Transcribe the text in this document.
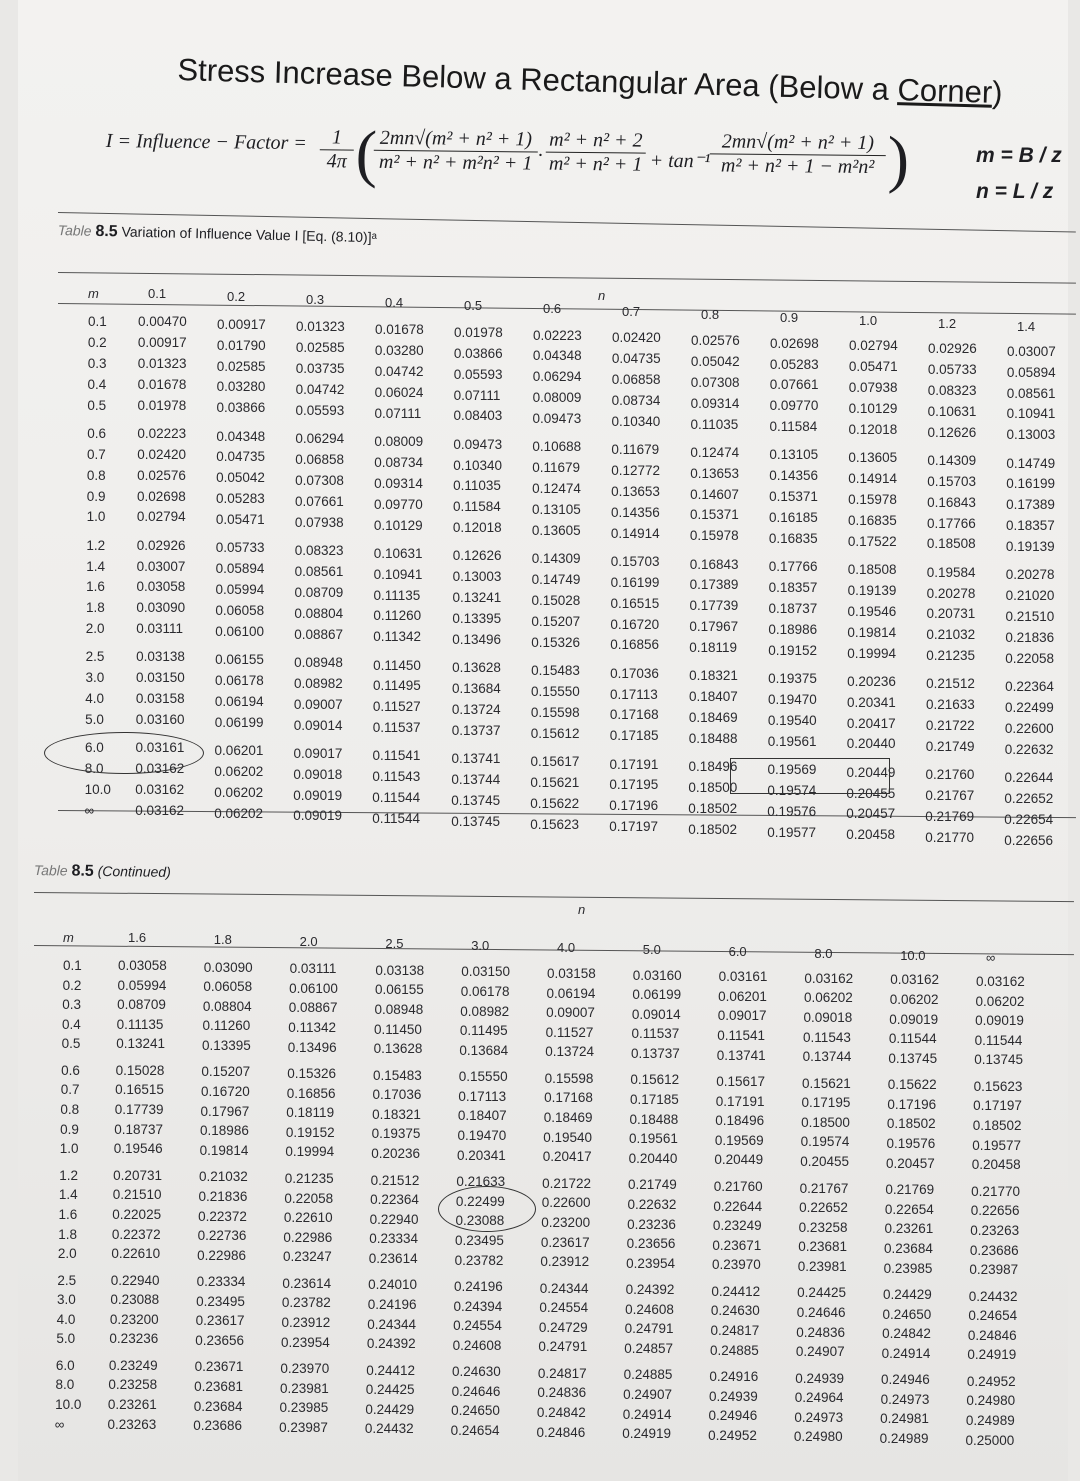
Stress Increase Below a Rectangular Area (Below a Corner)
I = Influence − Factor = $\frac{1}{4\pi}$ (
$\frac{\text{2mn√(m² + n² + 1)}}{\text{m² + n² + m²n² + 1}} \cdot \frac{\text{m² + n² + 2}}{\text{m² + n² + 1}} + \tan^{-1} \frac{\text{2mn√(m² + n² + 1)}}{\text{m² + n² + 1 − m²n²}}$ )	m = B / z
n = L / z
Table 8.5 Variation of Influence Value I [Eq. (8.10)]ᵃ
n
m	0.1	0.2	0.3	0.4	0.5	0.6	0.7	0.8	0.9	1.0	1.2	1.4
0.1 0.00470 0.00917 0.01323 0.01678 0.01978 0.02223 0.02420 0.02576 0.02698 0.02794 0.02926 0.03007
0.2 0.00917 0.01790 0.02585 0.03280 0.03866 0.04348 0.04735 0.05042 0.05283 0.05471 0.05733 0.05894
0.3 0.01323 0.02585 0.03735 0.04742 0.05593 0.06294 0.06858 0.07308 0.07661 0.07938 0.08323 0.08561
0.4 0.01678 0.03280 0.04742 0.06024 0.07111 0.08009 0.08734 0.09314 0.09770 0.10129 0.10631 0.10941
0.5 0.01978 0.03866 0.05593 0.07111 0.08403 0.09473 0.10340 0.11035 0.11584 0.12018 0.12626 0.13003
0.6 0.02223 0.04348 0.06294 0.08009 0.09473 0.10688 0.11679 0.12474 0.13105 0.13605 0.14309 0.14749
0.7 0.02420 0.04735 0.06858 0.08734 0.10340 0.11679 0.12772 0.13653 0.14356 0.14914 0.15703 0.16199
0.8 0.02576 0.05042 0.07308 0.09314 0.11035 0.12474 0.13653 0.14607 0.15371 0.15978 0.16843 0.17389
0.9 0.02698 0.05283 0.07661 0.09770 0.11584 0.13105 0.14356 0.15371 0.16185 0.16835 0.17766 0.18357
1.0 0.02794 0.05471 0.07938 0.10129 0.12018 0.13605 0.14914 0.15978 0.16835 0.17522 0.18508 0.19139
1.2 0.02926 0.05733 0.08323 0.10631 0.12626 0.14309 0.15703 0.16843 0.17766 0.18508 0.19584 0.20278
1.4 0.03007 0.05894 0.08561 0.10941 0.13003 0.14749 0.16199 0.17389 0.18357 0.19139 0.20278 0.21020
1.6 0.03058 0.05994 0.08709 0.11135 0.13241 0.15028 0.16515 0.17739 0.18737 0.19546 0.20731 0.21510
1.8 0.03090 0.06058 0.08804 0.11260 0.13395 0.15207 0.16720 0.17967 0.18986 0.19814 0.21032 0.21836
2.0 0.03111 0.06100 0.08867 0.11342 0.13496 0.15326 0.16856 0.18119 0.19152 0.19994 0.21235 0.22058
2.5 0.03138 0.06155 0.08948 0.11450 0.13628 0.15483 0.17036 0.18321 0.19375 0.20236 0.21512 0.22364
3.0 0.03150 0.06178 0.08982 0.11495 0.13684 0.15550 0.17113 0.18407 0.19470 0.20341 0.21633 0.22499
4.0 0.03158 0.06194 0.09007 0.11527 0.13724 0.15598 0.17168 0.18469 0.19540 0.20417 0.21722 0.22600
5.0 0.03160 0.06199 0.09014 0.11537 0.13737 0.15612 0.17185 0.18488 0.19561 0.20440 0.21749 0.22632
6.0 0.03161 0.06201 0.09017 0.11541 0.13741 0.15617 0.17191 0.18496 0.19569 0.20449 0.21760 0.22644
8.0 0.03162 0.06202 0.09018 0.11543 0.13744 0.15621 0.17195 0.18500 0.19574 0.20455 0.21767 0.22652
10.0 0.03162 0.06202 0.09019 0.11544 0.13745 0.15622 0.17196 0.18502 0.19576 0.20457 0.21769 0.22654
∞	0.03162 0.06202 0.09019 0.11544 0.13745 0.15623 0.17197 0.18502 0.19577 0.20458 0.21770 0.22656
Table 8.5 (Continued)
n
m	1.6	1.8	2.0	2.5	3.0	4.0	5.0	6.0	8.0	10.0	∞
0.1	0.03058	0.03090	0.03111	0.03138	0.03150	0.03158	0.03160	0.03161	0.03162	0.03162	0.03162
0.2	0.05994	0.06058	0.06100	0.06155	0.06178	0.06194	0.06199	0.06201	0.06202	0.06202	0.06202
0.3	0.08709	0.08804	0.08867	0.08948	0.08982	0.09007	0.09014	0.09017	0.09018	0.09019	0.09019
0.4	0.11135	0.11260	0.11342	0.11450	0.11495	0.11527	0.11537	0.11541	0.11543	0.11544	0.11544
0.5	0.13241	0.13395	0.13496	0.13628	0.13684	0.13724	0.13737	0.13741	0.13744	0.13745	0.13745
0.6	0.15028	0.15207	0.15326	0.15483	0.15550	0.15598	0.15612	0.15617	0.15621	0.15622	0.15623
0.7	0.16515	0.16720	0.16856	0.17036	0.17113	0.17168	0.17185	0.17191	0.17195	0.17196	0.17197
0.8	0.17739	0.17967	0.18119	0.18321	0.18407	0.18469	0.18488	0.18496	0.18500	0.18502	0.18502
0.9	0.18737	0.18986	0.19152	0.19375	0.19470	0.19540	0.19561	0.19569	0.19574	0.19576	0.19577
1.0	0.19546	0.19814	0.19994	0.20236	0.20341	0.20417	0.20440	0.20449	0.20455	0.20457	0.20458
1.2	0.20731	0.21032	0.21235	0.21512	0.21633	0.21722	0.21749	0.21760	0.21767	0.21769	0.21770
1.4	0.21510	0.21836	0.22058	0.22364	0.22499	0.22600	0.22632	0.22644	0.22652	0.22654	0.22656
1.6	0.22025	0.22372	0.22610	0.22940	0.23088	0.23200	0.23236	0.23249	0.23258	0.23261	0.23263
1.8	0.22372	0.22736	0.22986	0.23334	0.23495	0.23617	0.23656	0.23671	0.23681	0.23684	0.23686
2.0	0.22610	0.22986	0.23247	0.23614	0.23782	0.23912	0.23954	0.23970	0.23981	0.23985	0.23987
2.5	0.22940	0.23334	0.23614	0.24010	0.24196	0.24344	0.24392	0.24412	0.24425	0.24429	0.24432
3.0	0.23088	0.23495	0.23782	0.24196	0.24394	0.24554	0.24608	0.24630	0.24646	0.24650	0.24654
4.0	0.23200	0.23617	0.23912	0.24344	0.24554	0.24729	0.24791	0.24817	0.24836	0.24842	0.24846
5.0	0.23236	0.23656	0.23954	0.24392	0.24608	0.24791	0.24857	0.24885	0.24907	0.24914	0.24919
6.0	0.23249	0.23671	0.23970	0.24412	0.24630	0.24817	0.24885	0.24916	0.24939	0.24946	0.24952
8.0	0.23258	0.23681	0.23981	0.24425	0.24646	0.24836	0.24907	0.24939	0.24964	0.24973	0.24980
10.0 0.23261	0.23684	0.23985	0.24429	0.24650	0.24842	0.24914	0.24946	0.24973	0.24981	0.24989
∞	0.23263	0.23686	0.23987	0.24432	0.24654	0.24846	0.24919	0.24952	0.24980	0.24989	0.25000
